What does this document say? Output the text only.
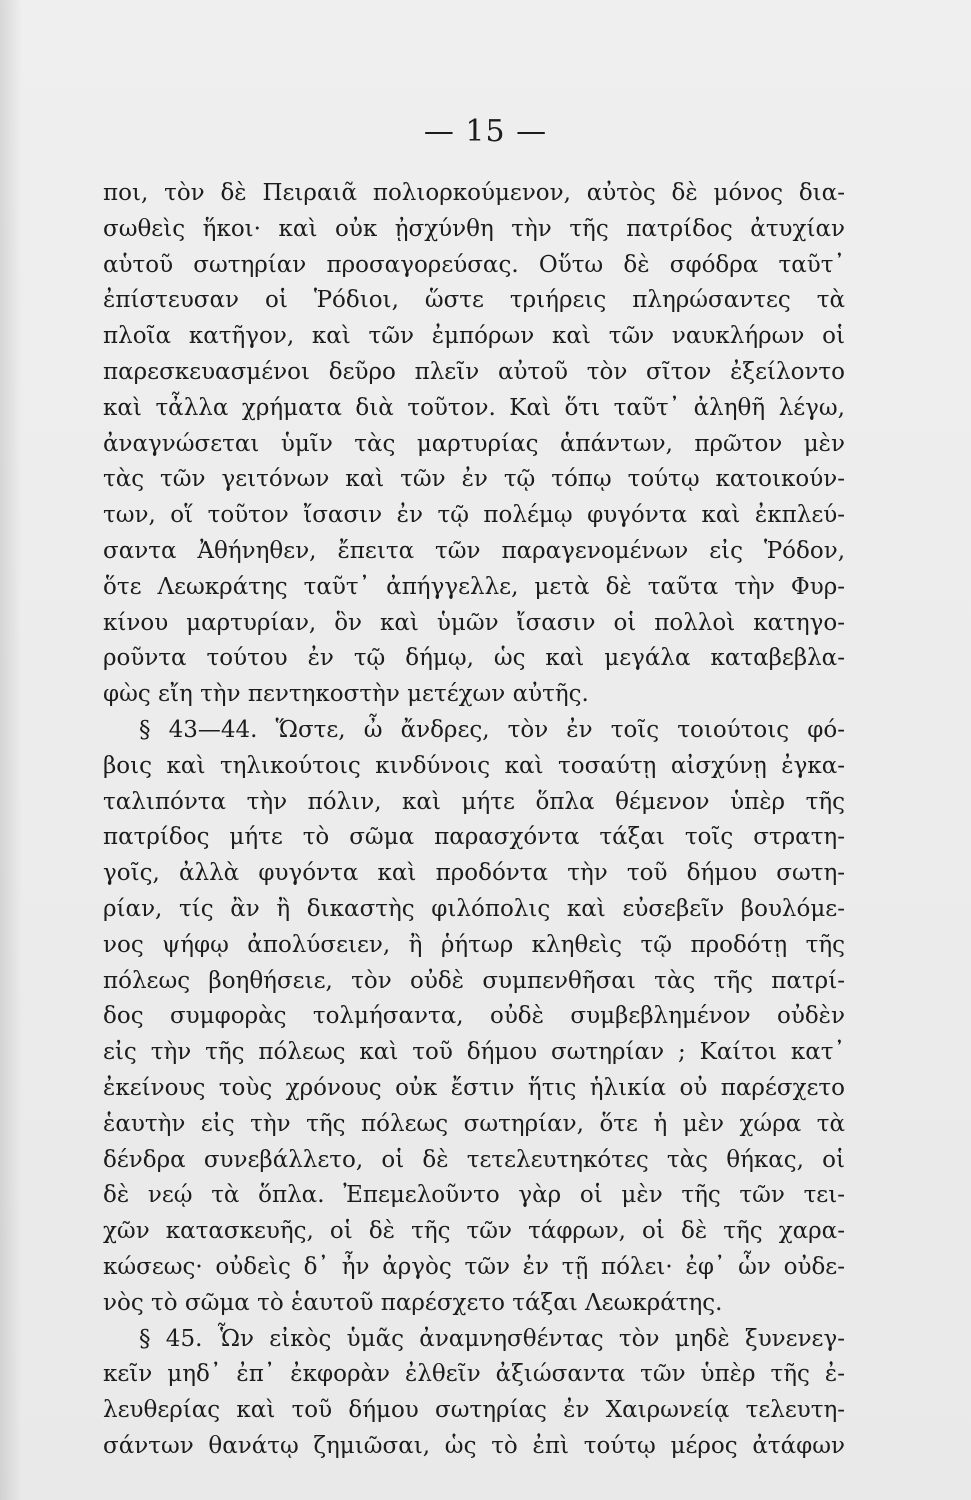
— 15 —
ποι, τὸν δὲ Πειραιᾶ πολιορκούμενον, αὐτὸς δὲ μόνος δια-
σωθεὶς ἥκοι· καὶ οὐκ ᾐσχύνθη τὴν τῆς πατρίδος ἀτυχίαν
αὑτοῦ σωτηρίαν προσαγορεύσας. Οὕτω δὲ σφόδρα ταῦτ᾽
ἐπίστευσαν οἱ Ῥόδιοι, ὥστε τριήρεις πληρώσαντες τὰ
πλοῖα κατῆγον, καὶ τῶν ἐμπόρων καὶ τῶν ναυκλήρων οἱ
παρεσκευασμένοι δεῦρο πλεῖν αὐτοῦ τὸν σῖτον ἐξείλοντο
καὶ τἆλλα χρήματα διὰ τοῦτον. Καὶ ὅτι ταῦτ᾽ ἀληθῆ λέγω,
ἀναγνώσεται ὑμῖν τὰς μαρτυρίας ἁπάντων, πρῶτον μὲν
τὰς τῶν γειτόνων καὶ τῶν ἐν τῷ τόπῳ τούτῳ κατοικούν-
των, οἵ τοῦτον ἴσασιν ἐν τῷ πολέμῳ φυγόντα καὶ ἐκπλεύ-
σαντα Ἀθήνηθεν, ἔπειτα τῶν παραγενομένων εἰς Ῥόδον,
ὅτε Λεωκράτης ταῦτ᾽ ἀπήγγελλε, μετὰ δὲ ταῦτα τὴν Φυρ-
κίνου μαρτυρίαν, ὃν καὶ ὑμῶν ἴσασιν οἱ πολλοὶ κατηγο-
ροῦντα τούτου ἐν τῷ δήμῳ, ὡς καὶ μεγάλα καταβεβλα-
φὼς εἴη τὴν πεντηκοστὴν μετέχων αὐτῆς.
§ 43—44. Ὥστε, ὦ ἄνδρες, τὸν ἐν τοῖς τοιούτοις φό-
βοις καὶ τηλικούτοις κινδύνοις καὶ τοσαύτῃ αἰσχύνῃ ἐγκα-
ταλιπόντα τὴν πόλιν, καὶ μήτε ὅπλα θέμενον ὑπὲρ τῆς
πατρίδος μήτε τὸ σῶμα παρασχόντα τάξαι τοῖς στρατη-
γοῖς, ἀλλὰ φυγόντα καὶ προδόντα τὴν τοῦ δήμου σωτη-
ρίαν, τίς ἂν ἢ δικαστὴς φιλόπολις καὶ εὐσεβεῖν βουλόμε-
νος ψήφῳ ἀπολύσειεν, ἢ ῥήτωρ κληθεὶς τῷ προδότῃ τῆς
πόλεως βοηθήσειε, τὸν οὐδὲ συμπενθῆσαι τὰς τῆς πατρί-
δος συμφορὰς τολμήσαντα, οὐδὲ συμβεβλημένον οὐδὲν
εἰς τὴν τῆς πόλεως καὶ τοῦ δήμου σωτηρίαν ; Καίτοι κατ᾽
ἐκείνους τοὺς χρόνους οὐκ ἔστιν ἥτις ἡλικία οὐ παρέσχετο
ἑαυτὴν εἰς τὴν τῆς πόλεως σωτηρίαν, ὅτε ἡ μὲν χώρα τὰ
δένδρα συνεβάλλετο, οἱ δὲ τετελευτηκότες τὰς θήκας, οἱ
δὲ νεῴ τὰ ὅπλα. Ἐπεμελοῦντο γὰρ οἱ μὲν τῆς τῶν τει-
χῶν κατασκευῆς, οἱ δὲ τῆς τῶν τάφρων, οἱ δὲ τῆς χαρα-
κώσεως· οὐδεὶς δ᾽ ἦν ἀργὸς τῶν ἐν τῇ πόλει· ἐφ᾽ ὧν οὐδε-
νὸς τὸ σῶμα τὸ ἑαυτοῦ παρέσχετο τάξαι Λεωκράτης.
§ 45. Ὧν εἰκὸς ὑμᾶς ἀναμνησθέντας τὸν μηδὲ ξυνενεγ-
κεῖν μηδ᾽ ἐπ᾽ ἐκφορὰν ἐλθεῖν ἀξιώσαντα τῶν ὑπὲρ τῆς ἐ-
λευθερίας καὶ τοῦ δήμου σωτηρίας ἐν Χαιρωνείᾳ τελευτη-
σάντων θανάτῳ ζημιῶσαι, ὡς τὸ ἐπὶ τούτῳ μέρος ἀτάφων
